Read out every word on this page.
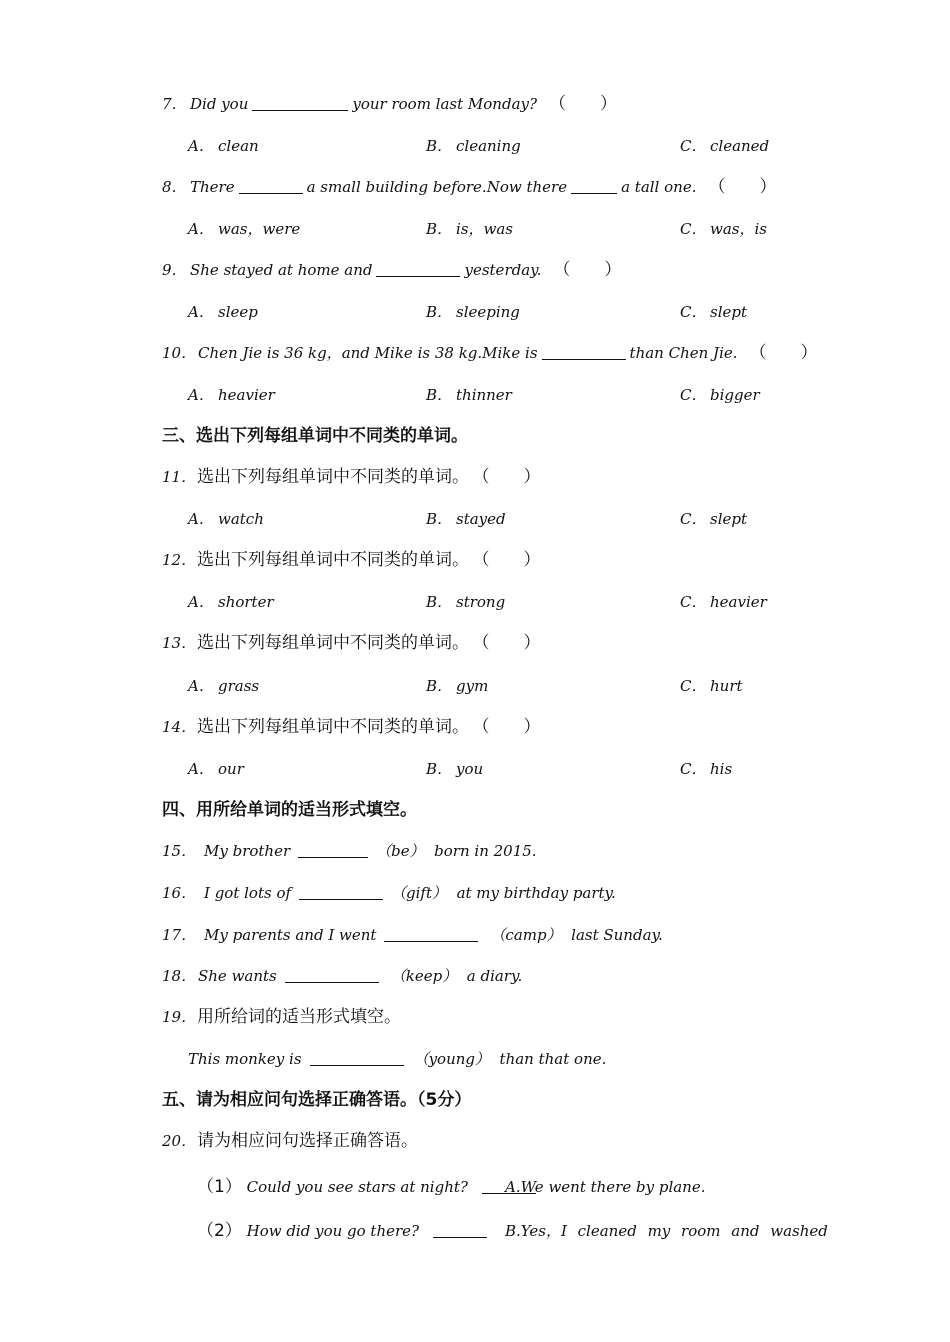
7． Did you	your room last Monday? （ ）
A． clean	B． cleaning	C． cleaned
8． There	a small building before.Now there	a tall one. （ ）
A． was，were	B． is，was	C． was，is
9． She stayed at home and	yesterday. （ ）
A． sleep	B． sleeping	C． slept
10． Chen Jie is 36 kg，and Mike is 38 kg.Mike is	than Chen Jie. （ ）
A． heavier	B． thinner	C． bigger
三、选出下列每组单词中不同类的单词。
11． 选出下列每组单词中不同类的单词。 （ ）
A． watch	B． stayed	C． slept
12． 选出下列每组单词中不同类的单词。 （ ）
A． shorter	B． strong	C． heavier
13． 选出下列每组单词中不同类的单词。 （ ）
A． grass	B． gym	C． hurt
14． 选出下列每组单词中不同类的单词。 （ ）
A． our	B． you	C． his
四、用所给单词的适当形式填空。
15． My brother	（be） born in 2015.
16． I got lots of	（gift） at my birthday party.
17． My parents and I went	（camp） last Sunday.
18． She wants	（keep） a diary.
19． 用所给词的适当形式填空。
This monkey is	（young） than that one.
五、请为相应问句选择正确答语。（5分）
20． 请为相应问句选择正确答语。
（1） Could you see stars at night?	A.We went there by plane.
（2） How did you go there?	B.Yes，I cleaned my room and washed
